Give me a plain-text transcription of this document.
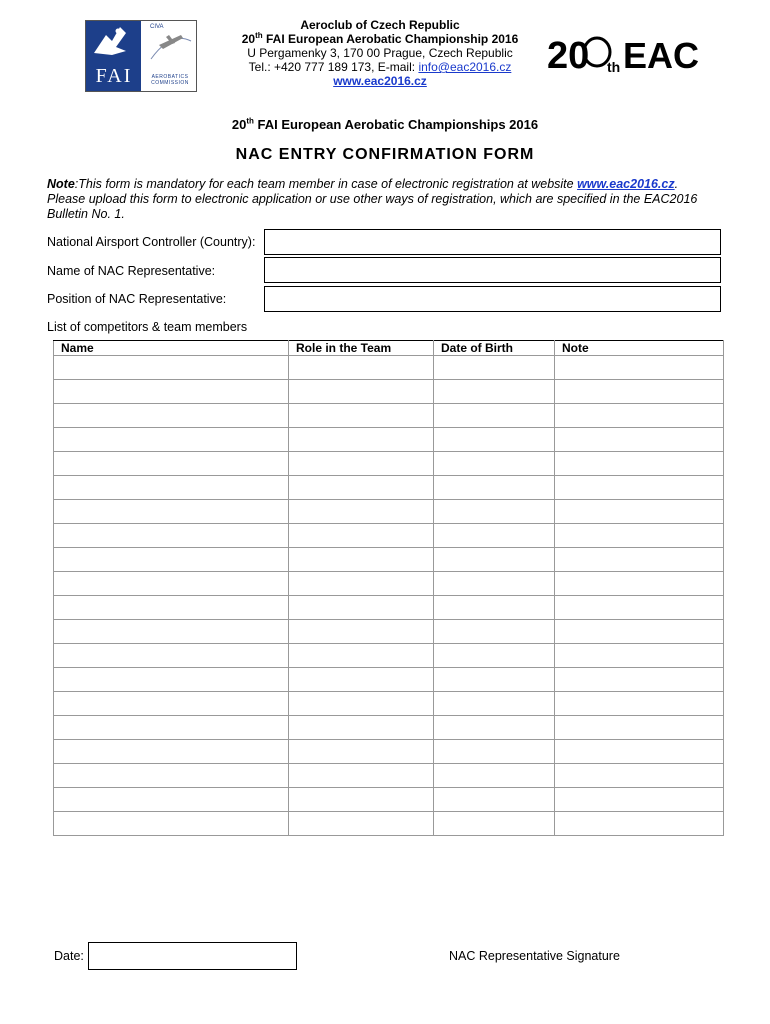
FAI
CIVA
AEROBATICS COMMISSION
Aeroclub of Czech Republic
20th FAI European Aerobatic Championship 2016
U Pergamenky 3, 170 00 Prague, Czech Republic
Tel.: +420 777 189 173, E-mail: info@eac2016.cz
www.eac2016.cz
20 th EAC
20th FAI European Aerobatic Championships 2016
NAC ENTRY CONFIRMATION FORM
Note:This form is mandatory for each team member in case of electronic registration at website www.eac2016.cz.
Please upload this form to electronic application or use other ways of registration, which are specified in the EAC2016 Bulletin No. 1.
National Airsport Controller (Country):
Name of NAC Representative:
Position of NAC Representative:
List of competitors & team members
Name	Role in the Team	Date of Birth	Note

Date:	NAC Representative Signature
